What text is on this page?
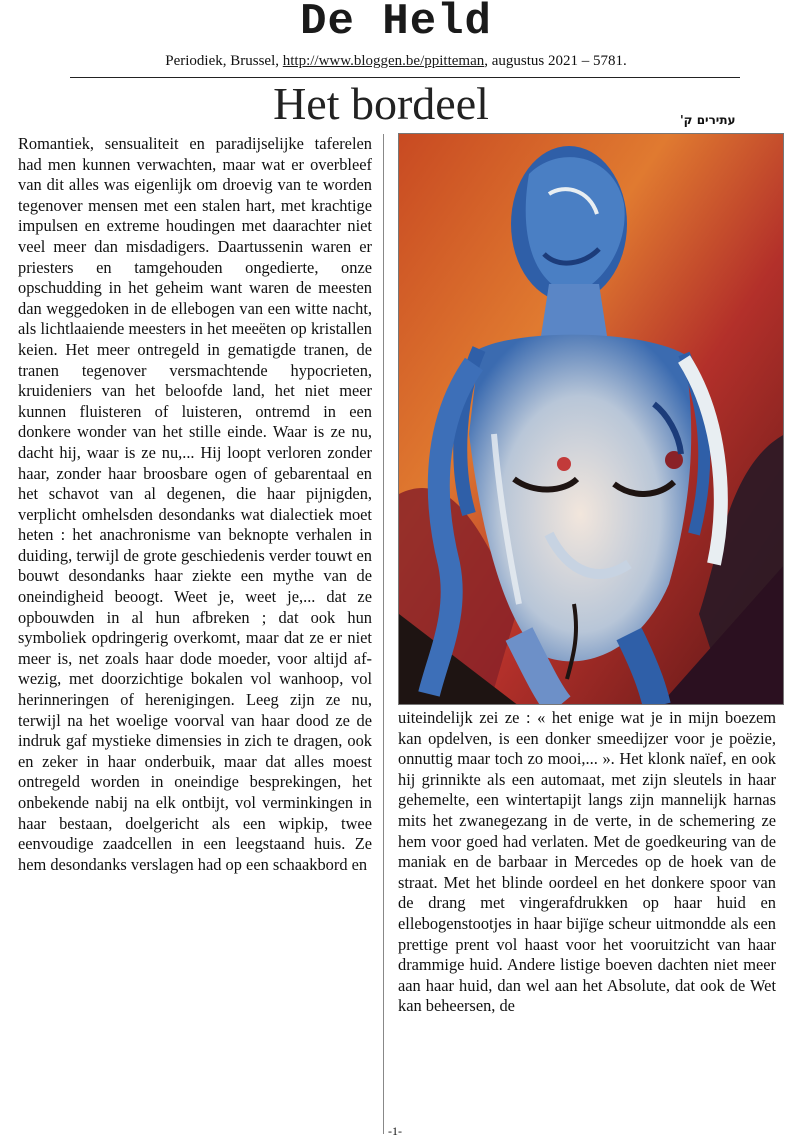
De Held
Periodiek, Brussel, http://www.bloggen.be/ppitteman, augustus 2021 – 5781.
Het bordeel	עתירים ק'
Romantiek, sensualiteit en paradijselijke taferelen had men kunnen verwachten, maar wat er overbleef van dit alles was eigenlijk om droevig van te worden tegenover mensen met een stalen hart, met krachtige impulsen en extreme houdingen met daarachter niet veel meer dan misdadigers. Daartussenin waren er priesters en tamgehouden ongedierte, onze opschudding in het geheim want waren de meesten dan weggedoken in de ellebogen van een witte nacht, als lichtlaaiende meesters in het meeëten op kristallen keien. Het meer ontregeld in gematigde tranen, de tranen tegenover versmachtende hypocrieten, kruideniers van het beloofde land, het niet meer kunnen fluisteren of luisteren, ontremd in een donkere wonder van het stille einde. Waar is ze nu, dacht hij, waar is ze nu,... Hij loopt verloren zonder haar, zonder haar broosbare ogen of gebarentaal en het schavot van al degenen, die haar pijnigden, verplicht omhelsden desondanks wat dialectiek moet heten : het anachronisme van beknopte verhalen in duiding, terwijl de grote geschiedenis verder touwt en bouwt desondanks haar ziekte een mythe van de oneindigheid beoogt. Weet je, weet je,... dat ze opbouwden in al hun afbreken ; dat ook hun symboliek opdringerig overkomt, maar dat ze er niet meer is, net zoals haar dode moeder, voor altijd af-wezig, met doorzichtige bokalen vol wanhoop, vol herinneringen of herenigingen. Leeg zijn ze nu, terwijl na het woelige voorval van haar dood ze de indruk gaf mystieke dimensies in zich te dragen, ook en zeker in haar onderbuik, maar dat alles moest ontregeld worden in oneindige besprekingen, het onbekende nabij na elk ontbijt, vol verminkingen in haar bestaan, doelgericht als een wipkip, twee eenvoudige zaadcellen in een leegstaand huis. Ze hem desondanks verslagen had op een schaakbord en
uiteindelijk zei ze : « het enige wat je in mijn boezem kan opdelven, is een donker smeedijzer voor je poëzie, onnuttig maar toch zo mooi,... ». Het klonk naïef, en ook hij grinnikte als een automaat, met zijn sleutels in haar gehemelte, een wintertapijt langs zijn mannelijk harnas mits het zwanegezang in de verte, in de schemering ze hem voor goed had verlaten. Met de goedkeuring van de maniak en de barbaar in Mercedes op de hoek van de straat. Met het blinde oordeel en het donkere spoor van de drang met vingerafdrukken op haar huid en ellebogenstootjes in haar bijïge scheur uitmondde als een prettige prent vol haast voor het vooruitzicht van haar drammige huid. Andere listige boeven dachten niet meer aan haar huid, dan wel aan het Absolute, dat ook de Wet kan beheersen, de
-1-
